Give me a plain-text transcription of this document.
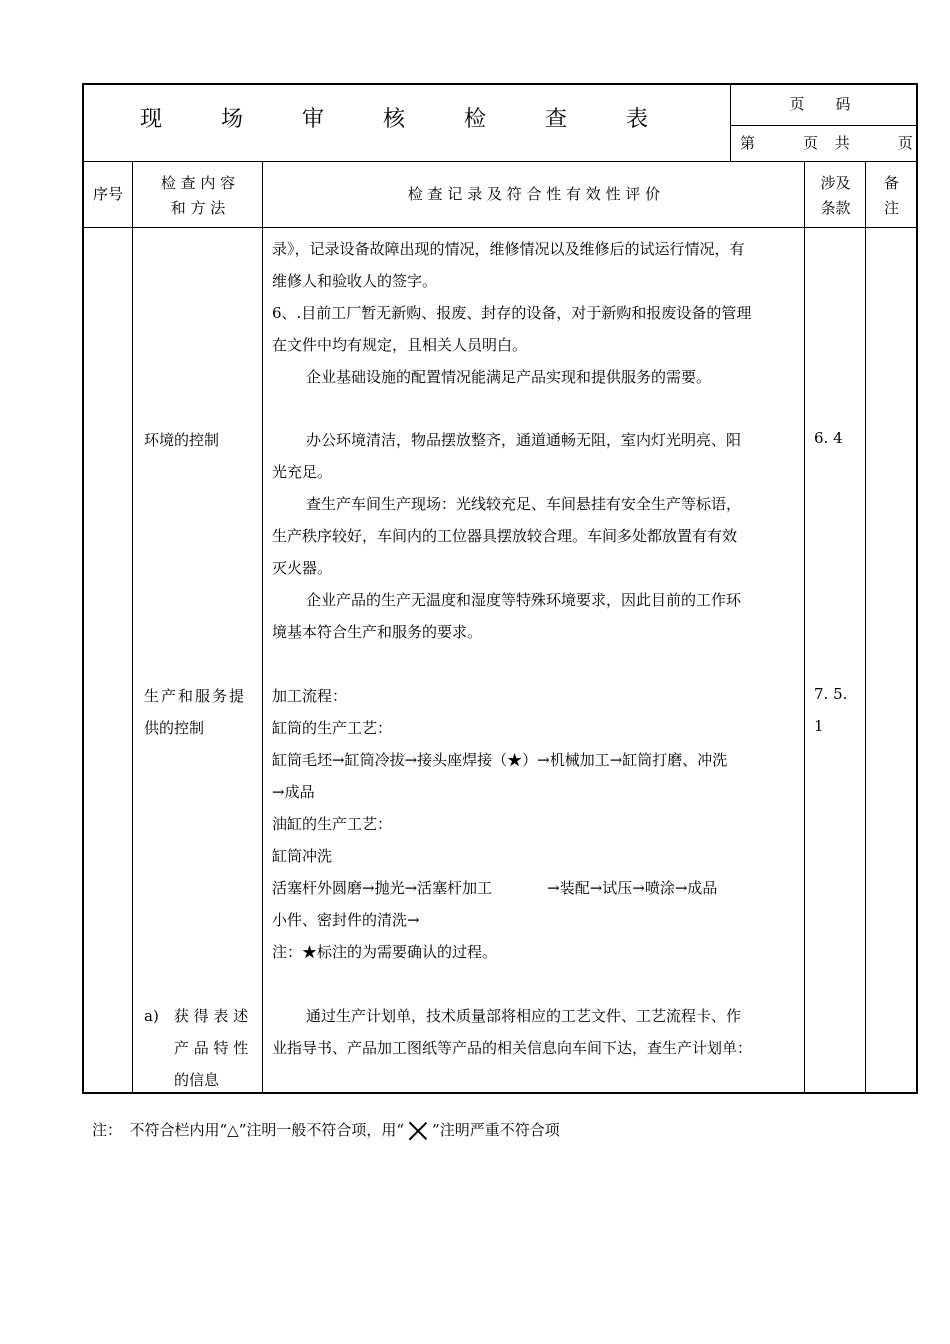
现 场 审 核 检 查 表
页　码
第　　页 共　　页
序号
检 查 内 容
和 方 法
检 查 记 录 及 符 合 性 有 效 性 评 价
涉及
条款
备
注

环境的控制

生产和服务提

供的控制

a)　获 得 表 述

　　产 品 特 性

　　的信息

6. 4
7. 5. 1

录》，记录设备故障出现的情况，维修情况以及维修后的试运行情况，有

维修人和验收人的签字。

6、.目前工厂暂无新购、报废、封存的设备，对于新购和报废设备的管理

在文件中均有规定，且相关人员明白。

企业基础设施的配置情况能满足产品实现和提供服务的需要。

办公环境清洁，物品摆放整齐，通道通畅无阻，室内灯光明亮、阳

光充足。

查生产车间生产现场：光线较充足、车间悬挂有安全生产等标语，

生产秩序较好，车间内的工位器具摆放较合理。车间多处都放置有有效

灭火器。

企业产品的生产无温度和湿度等特殊环境要求，因此目前的工作环

境基本符合生产和服务的要求。

加工流程：

缸筒的生产工艺：

缸筒毛坯→缸筒冷拔→接头座焊接（★）→机械加工→缸筒打磨、冲洗

→成品

油缸的生产工艺：

缸筒冲洗

活塞杆外圆磨→抛光→活塞杆加工	→装配→试压→喷涂→成品

小件、密封件的清洗→

注：★标注的为需要确认的过程。

通过生产计划单，技术质量部将相应的工艺文件、工艺流程卡、作

业指导书、产品加工图纸等产品的相关信息向车间下达，查生产计划单：

注：　不符合栏内用“△”注明一般不符合项，用“ ”注明严重不符合项
